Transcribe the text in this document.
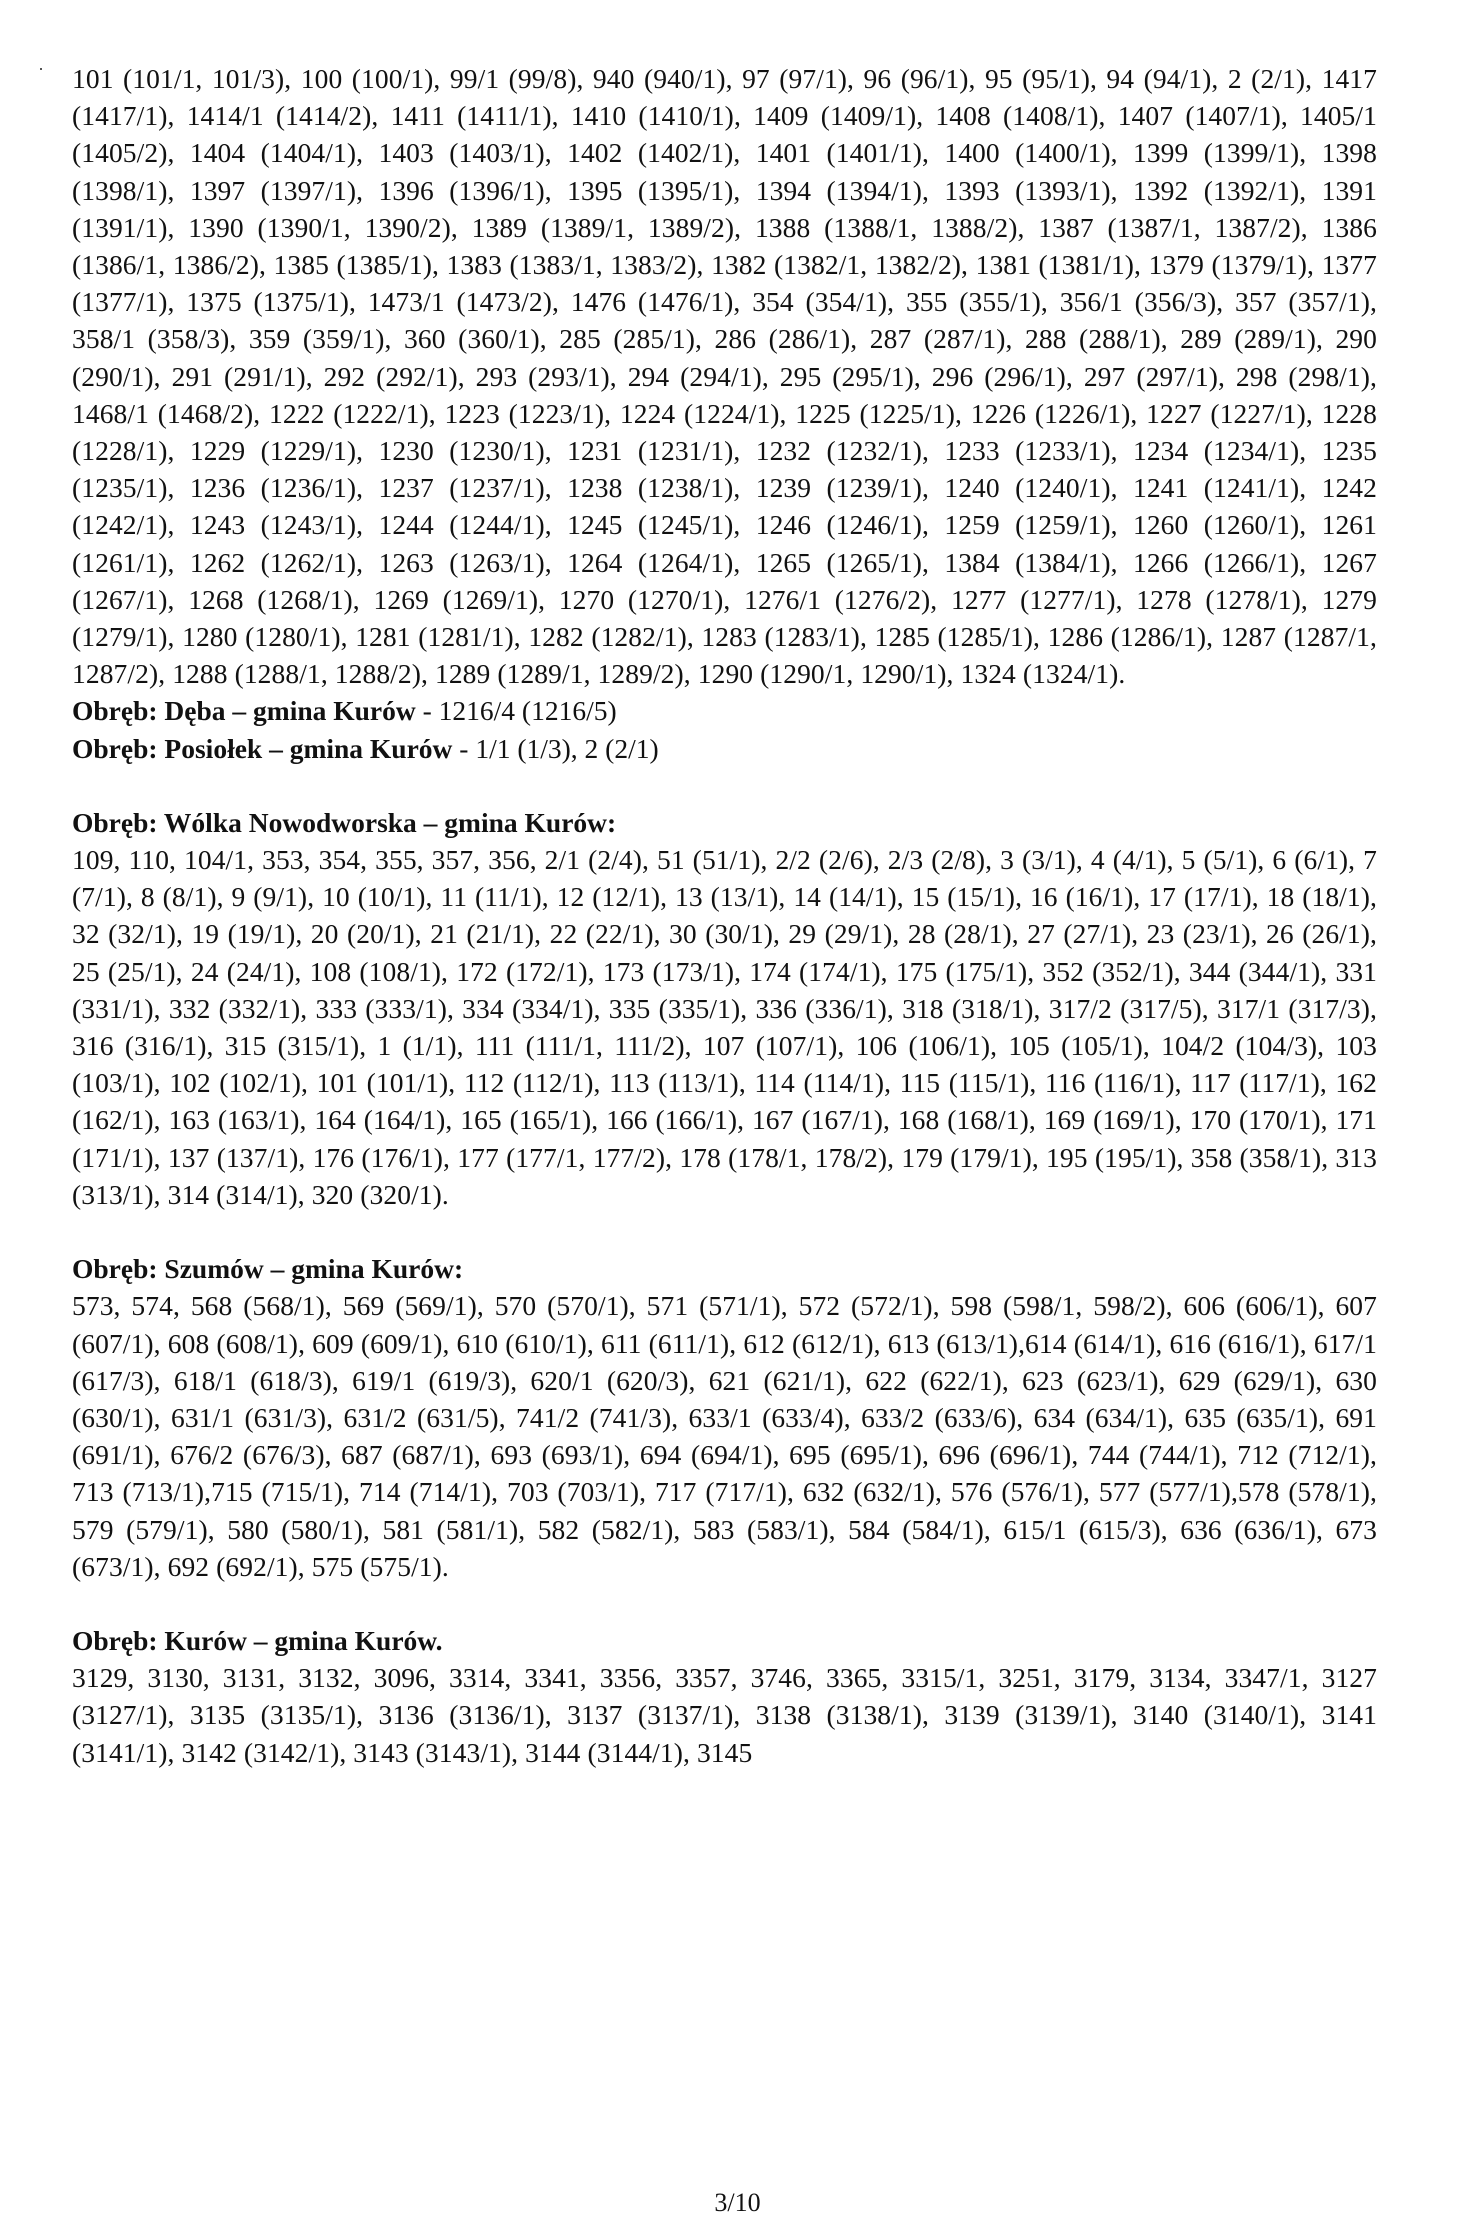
101 (101/1, 101/3), 100 (100/1), 99/1 (99/8), 940 (940/1), 97 (97/1), 96 (96/1), 95 (95/1), 94 (94/1), 2 (2/1), 1417 (1417/1), 1414/1 (1414/2), 1411 (1411/1), 1410 (1410/1), 1409 (1409/1), 1408 (1408/1), 1407 (1407/1), 1405/1 (1405/2), 1404 (1404/1), 1403 (1403/1), 1402 (1402/1), 1401 (1401/1), 1400 (1400/1), 1399 (1399/1), 1398 (1398/1), 1397 (1397/1), 1396 (1396/1), 1395 (1395/1), 1394 (1394/1), 1393 (1393/1), 1392 (1392/1), 1391 (1391/1), 1390 (1390/1, 1390/2), 1389 (1389/1, 1389/2), 1388 (1388/1, 1388/2), 1387 (1387/1, 1387/2), 1386 (1386/1, 1386/2), 1385 (1385/1), 1383 (1383/1, 1383/2), 1382 (1382/1, 1382/2), 1381 (1381/1), 1379 (1379/1), 1377 (1377/1), 1375 (1375/1), 1473/1 (1473/2), 1476 (1476/1), 354 (354/1), 355 (355/1), 356/1 (356/3), 357 (357/1), 358/1 (358/3), 359 (359/1), 360 (360/1), 285 (285/1), 286 (286/1), 287 (287/1), 288 (288/1), 289 (289/1), 290 (290/1), 291 (291/1), 292 (292/1), 293 (293/1), 294 (294/1), 295 (295/1), 296 (296/1), 297 (297/1), 298 (298/1), 1468/1 (1468/2), 1222 (1222/1), 1223 (1223/1), 1224 (1224/1), 1225 (1225/1), 1226 (1226/1), 1227 (1227/1), 1228 (1228/1), 1229 (1229/1), 1230 (1230/1), 1231 (1231/1), 1232 (1232/1), 1233 (1233/1), 1234 (1234/1), 1235 (1235/1), 1236 (1236/1), 1237 (1237/1), 1238 (1238/1), 1239 (1239/1), 1240 (1240/1), 1241 (1241/1), 1242 (1242/1), 1243 (1243/1), 1244 (1244/1), 1245 (1245/1), 1246 (1246/1), 1259 (1259/1), 1260 (1260/1), 1261 (1261/1), 1262 (1262/1), 1263 (1263/1), 1264 (1264/1), 1265 (1265/1), 1384 (1384/1), 1266 (1266/1), 1267 (1267/1), 1268 (1268/1), 1269 (1269/1), 1270 (1270/1), 1276/1 (1276/2), 1277 (1277/1), 1278 (1278/1), 1279 (1279/1), 1280 (1280/1), 1281 (1281/1), 1282 (1282/1), 1283 (1283/1), 1285 (1285/1), 1286 (1286/1), 1287 (1287/1, 1287/2), 1288 (1288/1, 1288/2), 1289 (1289/1, 1289/2), 1290 (1290/1, 1290/1), 1324 (1324/1).

Obręb: Dęba – gmina Kurów - 1216/4 (1216/5)

Obręb: Posiołek – gmina Kurów - 1/1 (1/3), 2 (2/1)

Obręb: Wólka Nowodworska – gmina Kurów:

109, 110, 104/1, 353, 354, 355, 357, 356, 2/1 (2/4), 51 (51/1), 2/2 (2/6), 2/3 (2/8), 3 (3/1), 4 (4/1), 5 (5/1), 6 (6/1), 7 (7/1), 8 (8/1), 9 (9/1), 10 (10/1), 11 (11/1), 12 (12/1), 13 (13/1), 14 (14/1), 15 (15/1), 16 (16/1), 17 (17/1), 18 (18/1), 32 (32/1), 19 (19/1), 20 (20/1), 21 (21/1), 22 (22/1), 30 (30/1), 29 (29/1), 28 (28/1), 27 (27/1), 23 (23/1), 26 (26/1), 25 (25/1), 24 (24/1), 108 (108/1), 172 (172/1), 173 (173/1), 174 (174/1), 175 (175/1), 352 (352/1), 344 (344/1), 331 (331/1), 332 (332/1), 333 (333/1), 334 (334/1), 335 (335/1), 336 (336/1), 318 (318/1), 317/2 (317/5), 317/1 (317/3), 316 (316/1), 315 (315/1), 1 (1/1), 111 (111/1, 111/2), 107 (107/1), 106 (106/1), 105 (105/1), 104/2 (104/3), 103 (103/1), 102 (102/1), 101 (101/1), 112 (112/1), 113 (113/1), 114 (114/1), 115 (115/1), 116 (116/1), 117 (117/1), 162 (162/1), 163 (163/1), 164 (164/1), 165 (165/1), 166 (166/1), 167 (167/1), 168 (168/1), 169 (169/1), 170 (170/1), 171 (171/1), 137 (137/1), 176 (176/1), 177 (177/1, 177/2), 178 (178/1, 178/2), 179 (179/1), 195 (195/1), 358 (358/1), 313 (313/1), 314 (314/1), 320 (320/1).

Obręb: Szumów – gmina Kurów:

573, 574, 568 (568/1), 569 (569/1), 570 (570/1), 571 (571/1), 572 (572/1), 598 (598/1, 598/2), 606 (606/1), 607 (607/1), 608 (608/1), 609 (609/1), 610 (610/1), 611 (611/1), 612 (612/1), 613 (613/1),614 (614/1), 616 (616/1), 617/1 (617/3), 618/1 (618/3), 619/1 (619/3), 620/1 (620/3), 621 (621/1), 622 (622/1), 623 (623/1), 629 (629/1), 630 (630/1), 631/1 (631/3), 631/2 (631/5), 741/2 (741/3), 633/1 (633/4), 633/2 (633/6), 634 (634/1), 635 (635/1), 691 (691/1), 676/2 (676/3), 687 (687/1), 693 (693/1), 694 (694/1), 695 (695/1), 696 (696/1), 744 (744/1), 712 (712/1), 713 (713/1),715 (715/1), 714 (714/1), 703 (703/1), 717 (717/1), 632 (632/1), 576 (576/1), 577 (577/1),578 (578/1), 579 (579/1), 580 (580/1), 581 (581/1), 582 (582/1), 583 (583/1), 584 (584/1), 615/1 (615/3), 636 (636/1), 673 (673/1), 692 (692/1), 575 (575/1).

Obręb: Kurów – gmina Kurów.

3129, 3130, 3131, 3132, 3096, 3314, 3341, 3356, 3357, 3746, 3365, 3315/1, 3251, 3179, 3134, 3347/1, 3127 (3127/1), 3135 (3135/1), 3136 (3136/1), 3137 (3137/1), 3138 (3138/1), 3139 (3139/1), 3140 (3140/1), 3141 (3141/1), 3142 (3142/1), 3143 (3143/1), 3144 (3144/1), 3145

3/10
